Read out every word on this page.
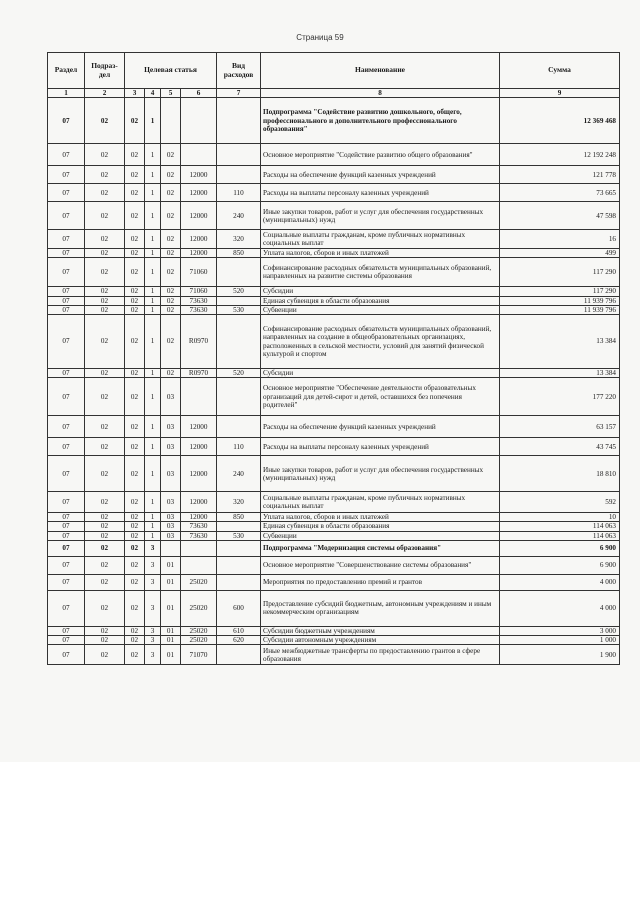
Страница 59
Раздел	Подраз-дел	Целевая статья				Вид расходов	Наименование	Сумма
1	2	3	4	5	6	7	8	9
07	02	02	1				Подпрограмма "Содействие развитию дошкольного, общего, профессионального и дополнительного профессионального образования"	12 369 468
07	02	02	1	02			Основное мероприятие "Содействие развитию общего образования"	12 192 248
07	02	02	1	02	12000		Расходы на обеспечение функций казенных учреждений	121 778
07	02	02	1	02	12000	110	Расходы на выплаты персоналу казенных учреждений	73 665
07	02	02	1	02	12000	240	Иные закупки товаров, работ и услуг для обеспечения государственных (муниципальных) нужд	47 598
07	02	02	1	02	12000	320	Социальные выплаты гражданам, кроме публичных нормативных социальных выплат	16
07	02	02	1	02	12000	850	Уплата налогов, сборов и иных платежей	499
07	02	02	1	02	71060		Софинансирование расходных обязательств муниципальных образований, направленных на развитие системы образования	117 290
07	02	02	1	02	71060	520	Субсидии	117 290
07	02	02	1	02	73630		Единая субвенция в области образования	11 939 796
07	02	02	1	02	73630	530	Субвенции	11 939 796
07	02	02	1	02	R0970		Софинансирование расходных обязательств муниципальных образований, направленных на создание в общеобразовательных организациях, расположенных в сельской местности, условий для занятий физической культурой и спортом	13 384
07	02	02	1	02	R0970	520	Субсидии	13 384
07	02	02	1	03			Основное мероприятие "Обеспечение деятельности образовательных организаций для детей-сирот и детей, оставшихся без попечения родителей"	177 220
07	02	02	1	03	12000		Расходы на обеспечение функций казенных учреждений	63 157
07	02	02	1	03	12000	110	Расходы на выплаты персоналу казенных учреждений	43 745
07	02	02	1	03	12000	240	Иные закупки товаров, работ и услуг для обеспечения государственных (муниципальных) нужд	18 810
07	02	02	1	03	12000	320	Социальные выплаты гражданам, кроме публичных нормативных социальных выплат	592
07	02	02	1	03	12000	850	Уплата налогов, сборов и иных платежей	10
07	02	02	1	03	73630		Единая субвенция в области образования	114 063
07	02	02	1	03	73630	530	Субвенции	114 063
07	02	02	3				Подпрограмма "Модернизация системы образования"	6 900
07	02	02	3	01			Основное мероприятие "Совершенствование системы образования"	6 900
07	02	02	3	01	25020		Мероприятия по предоставлению премий и грантов	4 000
07	02	02	3	01	25020	600	Предоставление субсидий бюджетным, автономным учреждениям и иным некоммерческим организациям	4 000
07	02	02	3	01	25020	610	Субсидии бюджетным учреждениям	3 000
07	02	02	3	01	25020	620	Субсидии автономным учреждениям	1 000
07	02	02	3	01	71070		Иные межбюджетные трансферты по предоставлению грантов в сфере образования	1 900
